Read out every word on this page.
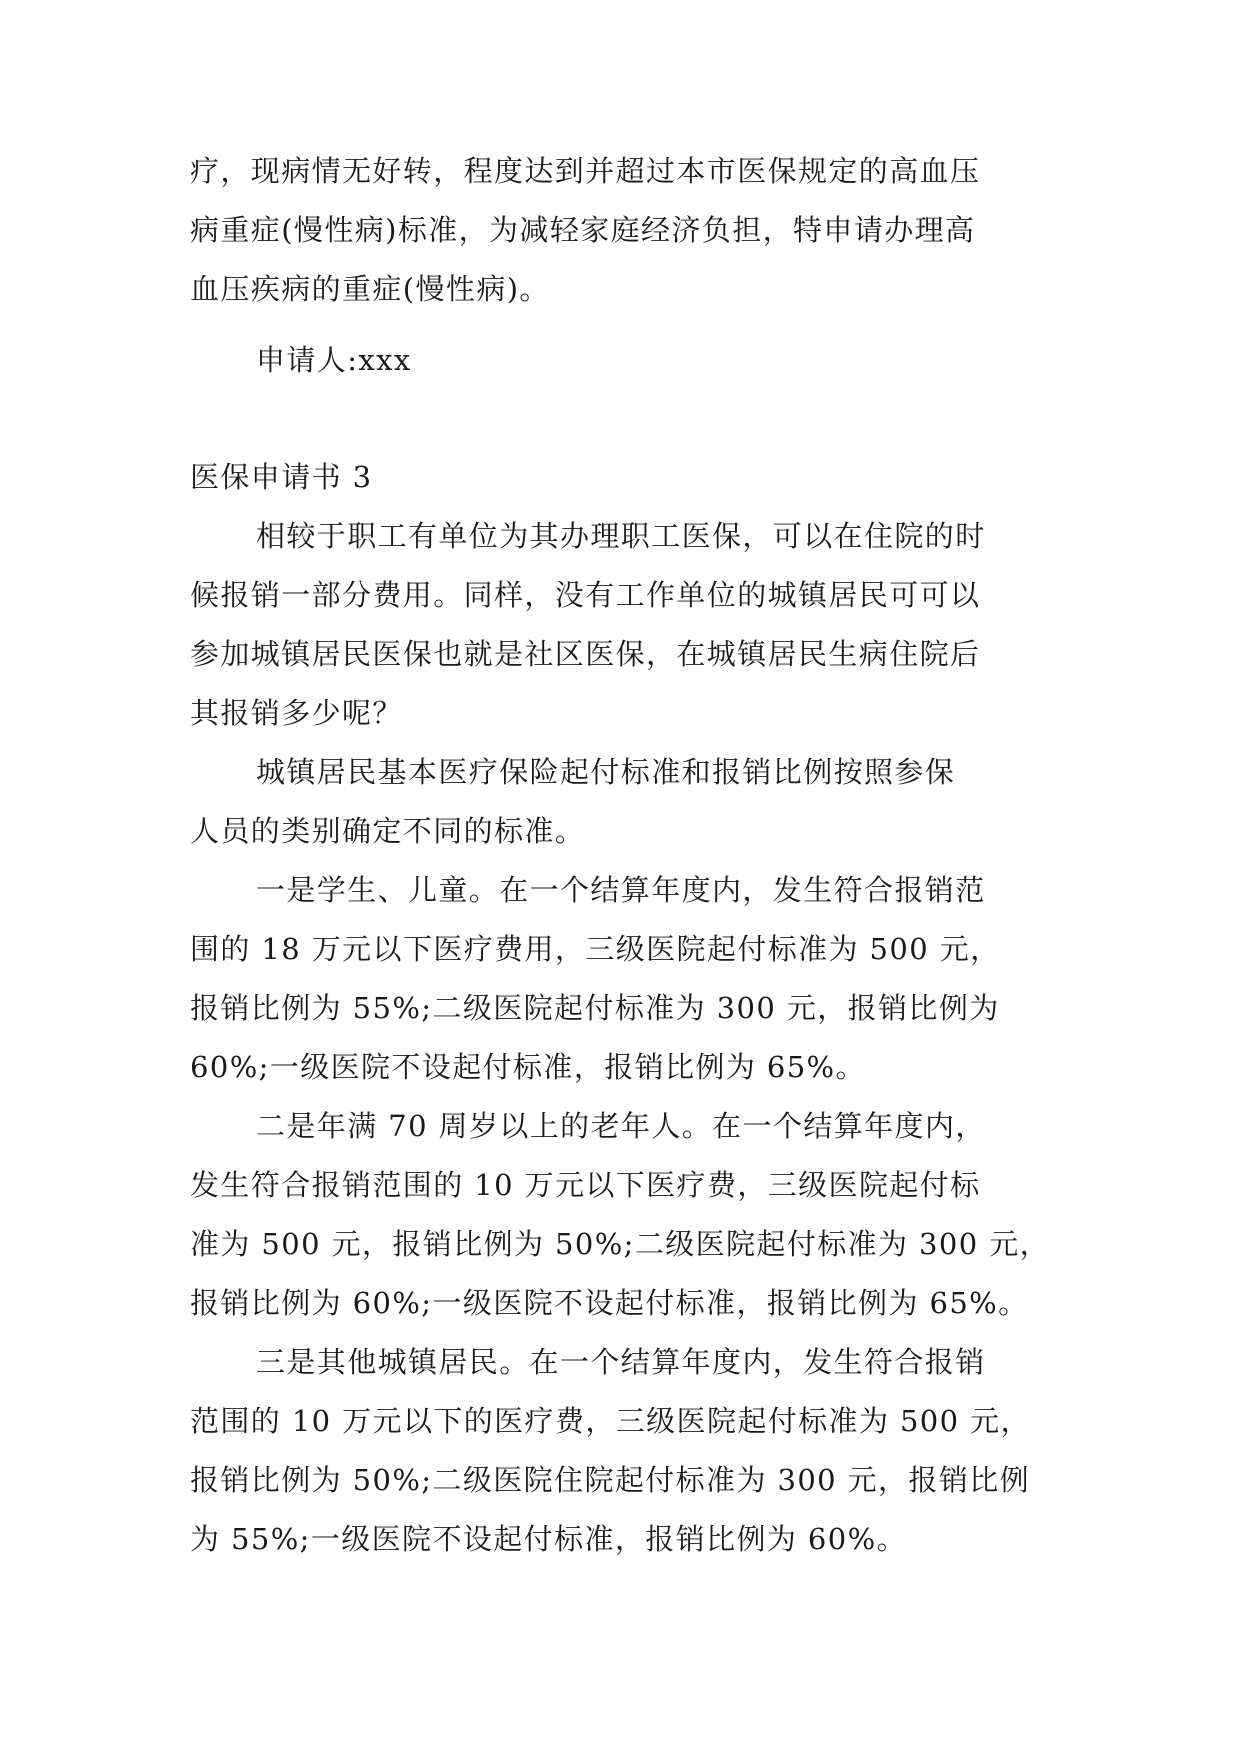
疗，现病情无好转，程度达到并超过本市医保规定的高血压

病重症(慢性病)标准，为减轻家庭经济负担，特申请办理高

血压疾病的重症(慢性病)。

申请人:xxx

医保申请书 3

相较于职工有单位为其办理职工医保，可以在住院的时

候报销一部分费用。同样，没有工作单位的城镇居民可可以

参加城镇居民医保也就是社区医保，在城镇居民生病住院后

其报销多少呢？

城镇居民基本医疗保险起付标准和报销比例按照参保

人员的类别确定不同的标准。

一是学生、儿童。在一个结算年度内，发生符合报销范

围的 18 万元以下医疗费用，三级医院起付标准为 500 元，

报销比例为 55%;二级医院起付标准为 300 元，报销比例为

60%;一级医院不设起付标准，报销比例为 65%。

二是年满 70 周岁以上的老年人。在一个结算年度内，

发生符合报销范围的 10 万元以下医疗费，三级医院起付标

准为 500 元，报销比例为 50%;二级医院起付标准为 300 元，

报销比例为 60%;一级医院不设起付标准，报销比例为 65%。

三是其他城镇居民。在一个结算年度内，发生符合报销

范围的 10 万元以下的医疗费，三级医院起付标准为 500 元，

报销比例为 50%;二级医院住院起付标准为 300 元，报销比例

为 55%;一级医院不设起付标准，报销比例为 60%。
